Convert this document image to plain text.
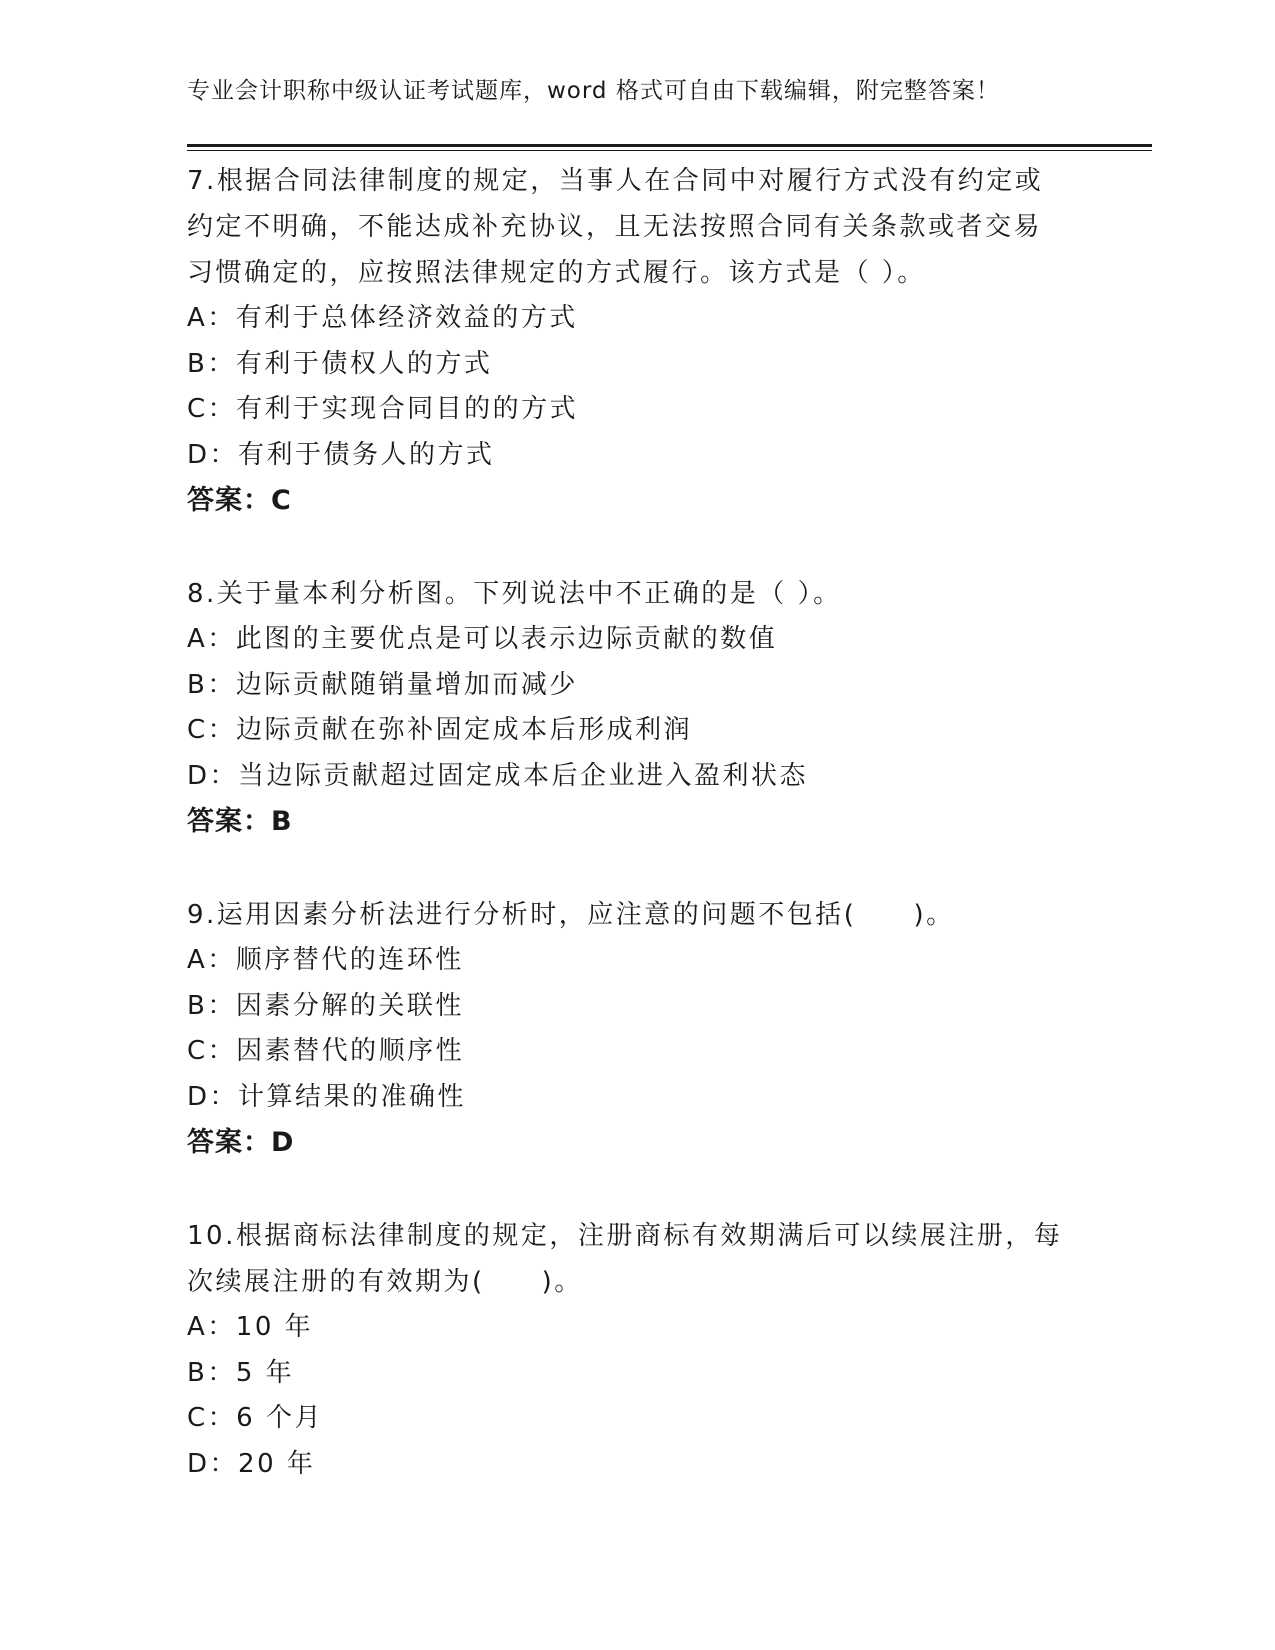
专业会计职称中级认证考试题库，word 格式可自由下载编辑，附完整答案！
7.根据合同法律制度的规定，当事人在合同中对履行方式没有约定或
约定不明确，不能达成补充协议，且无法按照合同有关条款或者交易
习惯确定的，应按照法律规定的方式履行。该方式是（ ）。
A：有利于总体经济效益的方式
B：有利于债权人的方式
C：有利于实现合同目的的方式
D：有利于债务人的方式
答案：C
8.关于量本利分析图。下列说法中不正确的是（ ）。
A：此图的主要优点是可以表示边际贡献的数值
B：边际贡献随销量增加而减少
C：边际贡献在弥补固定成本后形成利润
D：当边际贡献超过固定成本后企业进入盈利状态
答案：B
9.运用因素分析法进行分析时，应注意的问题不包括(　　)。
A：顺序替代的连环性
B：因素分解的关联性
C：因素替代的顺序性
D：计算结果的准确性
答案：D
10.根据商标法律制度的规定，注册商标有效期满后可以续展注册，每
次续展注册的有效期为(　　)。
A：10 年
B：5 年
C：6 个月
D：20 年
